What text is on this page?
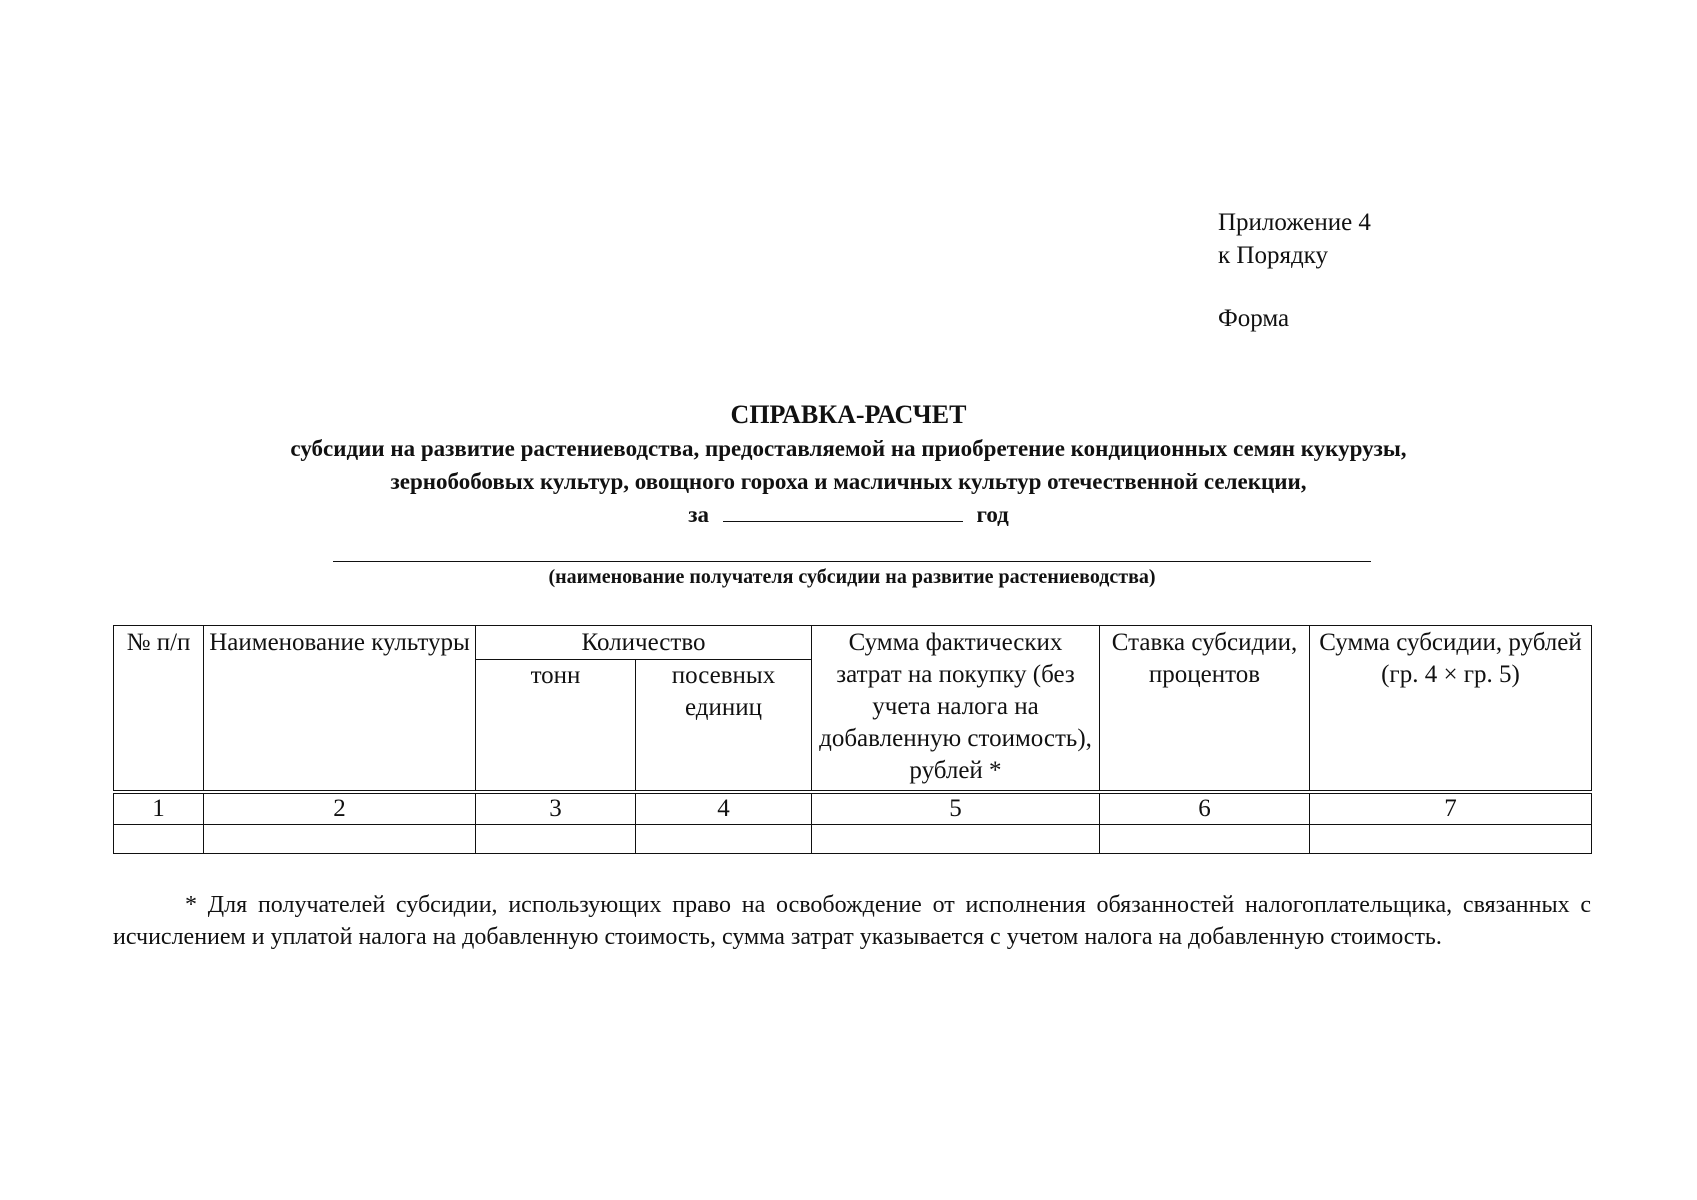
Приложение 4
к Порядку
Форма
СПРАВКА-РАСЧЕТ
субсидии на развитие растениеводства, предоставляемой на приобретение кондиционных семян кукурузы,
зернобобовых культур, овощного гороха и масличных культур отечественной селекции,
за	год
(наименование получателя субсидии на развитие растениеводства)
№ п/п	Наименование культуры	Количество		Сумма фактических затрат на покупку (без учета налога на добавленную стоимость), рублей *	Ставка субсидии, процентов	Сумма субсидии, рублей (гр. 4 × гр. 5)
		тонн	посевных единиц			
1	2	3	4	5	6	7

* Для получателей субсидии, использующих право на освобождение от исполнения обязанностей налогоплательщика, связанных с исчислением и уплатой налога на добавленную стоимость, сумма затрат указывается с учетом налога на добавленную стоимость.
